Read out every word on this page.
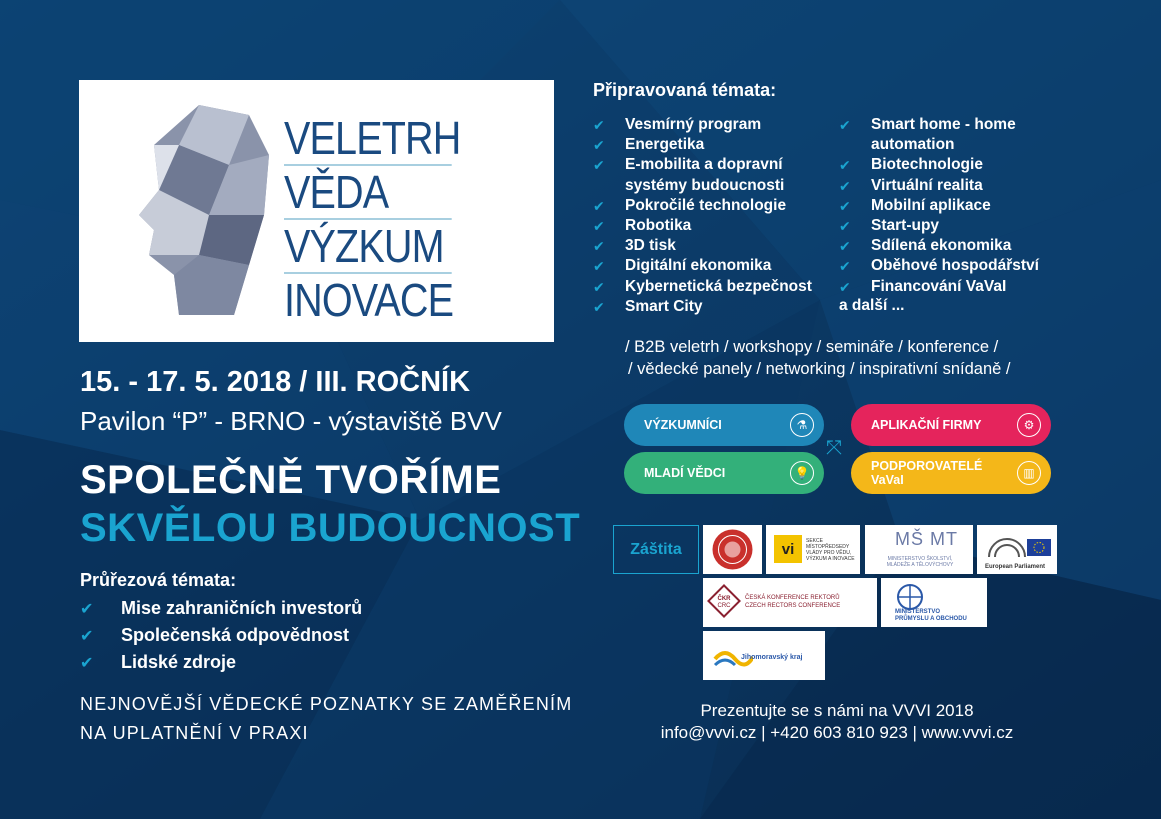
VELETRH
VĚDA
VÝZKUM
INOVACE
15. - 17. 5. 2018 / III. ROČNÍK
Pavilon “P” - BRNO - výstaviště BVV
SPOLEČNĚ TVOŘÍME
SKVĚLOU BUDOUCNOST
Průřezová témata:
✔	Mise zahraničních investorů
✔	Společenská odpovědnost
✔	Lidské zdroje
NEJNOVĚJŠÍ VĚDECKÉ POZNATKY SE ZAMĚŘENÍM
NA UPLATNĚNÍ V PRAXI
Připravovaná témata:
✔	Vesmírný program
✔	Energetika
✔	E-mobilita a dopravní
systémy budoucnosti
✔	Pokročilé technologie
✔	Robotika
✔	3D tisk
✔	Digitální ekonomika
✔	Kybernetická bezpečnost
✔	Smart City
✔	Smart home - home
automation
✔	Biotechnologie
✔	Virtuální realita
✔	Mobilní aplikace
✔	Start-upy
✔	Sdílená ekonomika
✔	Oběhové hospodářství
✔	Financování VaVaI
a další ...
/ B2B veletrh / workshopy / semináře / konference /
/ vědecké panely / networking / inspirativní snídaně /
VÝZKUMNÍCI	⚗	APLIKAČNÍ FIRMY	⚙
⤧
MLADÍ VĚDCI	💡	PODPOROVATELÉ
VaVaI	▥
Záštita	vi	SEKCE
MÍSTOPŘEDSEDY
VLÁDY PRO VĚDU,
VÝZKUM A INOVACE
MŠ MT
MINISTERSTVO ŠKOLSTVÍ,
MLÁDEŽE A TĚLOVÝCHOVY	European Parliament
ČKR
CRC
ČESKÁ KONFERENCE REKTORŮ
CZECH RECTORS CONFERENCE
MINISTERSTVO
PRŮMYSLU A OBCHODU
Jihomoravský kraj
Prezentujte se s námi na VVVI 2018
info@vvvi.cz | +420 603 810 923 | www.vvvi.cz
